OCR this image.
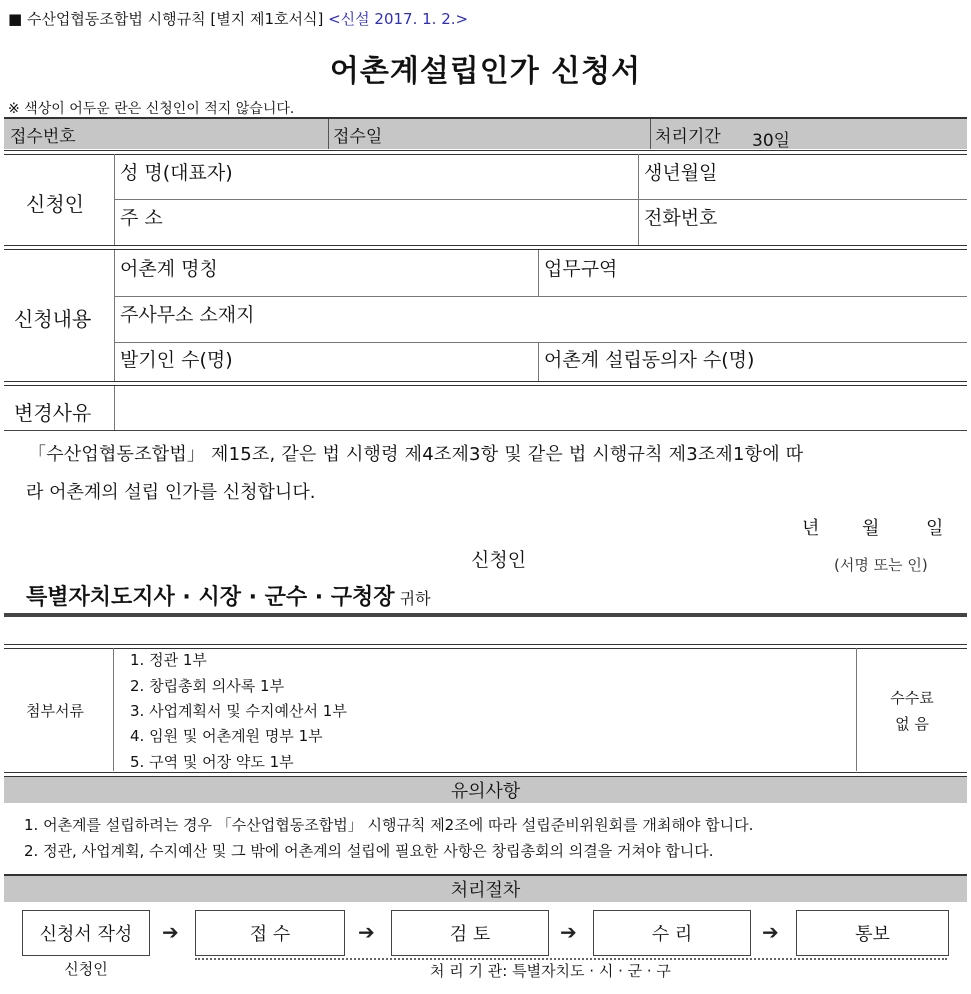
■ 수산업협동조합법 시행규칙 [별지 제1호서식] <신설 2017. 1. 2.>
어촌계설립인가 신청서
※ 색상이 어두운 란은 신청인이 적지 않습니다.
접수번호	접수일	처리기간 30일
신청인
성 명(대표자)	생년월일
주 소	전화번호
신청내용
어촌계 명칭	업무구역
주사무소 소재지
발기인 수(명)	어촌계 설립동의자 수(명)
변경사유
「수산업협동조합법」 제15조, 같은 법 시행령 제4조제3항 및 같은 법 시행규칙 제3조제1항에 따
라 어촌계의 설립 인가를 신청합니다.
년 월	일
신청인	(서명 또는 인)
특별자치도지사 · 시장 · 군수 · 구청장 귀하
첨부서류
1. 정관 1부
2. 창립총회 의사록 1부
3. 사업계획서 및 수지예산서 1부
4. 임원 및 어촌계원 명부 1부
5. 구역 및 어장 약도 1부
수수료
없 음
유의사항
1. 어촌계를 설립하려는 경우 「수산업협동조합법」 시행규칙 제2조에 따라 설립준비위원회를 개최해야 합니다.
2. 정관, 사업계획, 수지예산 및 그 밖에 어촌계의 설립에 필요한 사항은 창립총회의 의결을 거쳐야 합니다.
처리절차
신청서 작성	➔	접 수	➔	검 토	➔	수 리	➔	통보
신청인	처 리 기 관: 특별자치도 · 시 · 군 · 구
